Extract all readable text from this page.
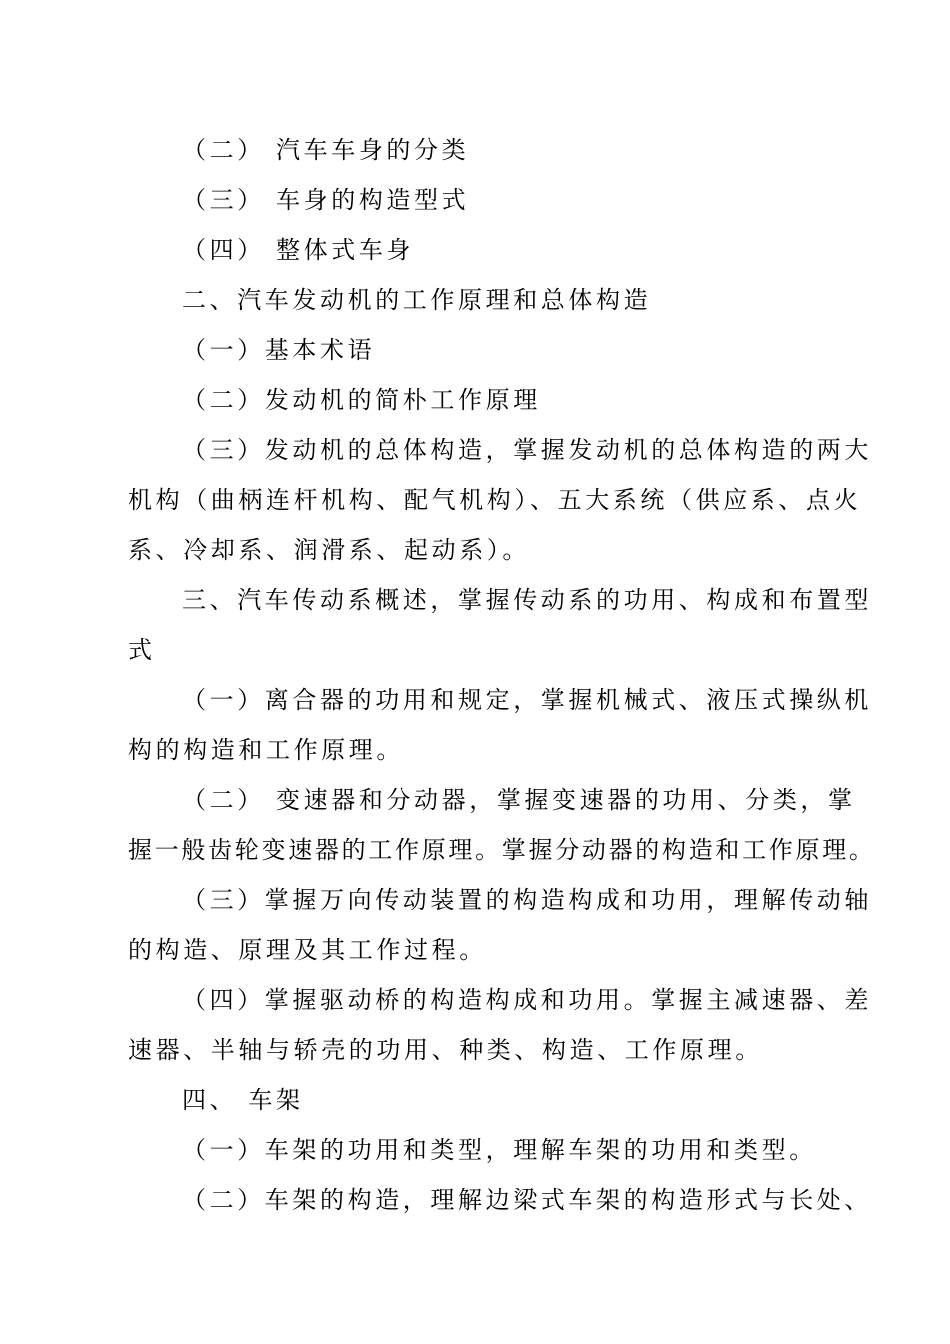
（二） 汽车车身的分类
（三） 车身的构造型式
（四） 整体式车身
二、汽车发动机的工作原理和总体构造
（一）基本术语
（二）发动机的简朴工作原理
（三）发动机的总体构造，掌握发动机的总体构造的两大
机构（曲柄连杆机构、配气机构）、五大系统（供应系、点火
系、冷却系、润滑系、起动系）。
三、汽车传动系概述，掌握传动系的功用、构成和布置型
式
（一）离合器的功用和规定，掌握机械式、液压式操纵机
构的构造和工作原理。
（二） 变速器和分动器，掌握变速器的功用、分类，掌
握一般齿轮变速器的工作原理。掌握分动器的构造和工作原理。
（三）掌握万向传动装置的构造构成和功用，理解传动轴
的构造、原理及其工作过程。
（四）掌握驱动桥的构造构成和功用。掌握主减速器、差
速器、半轴与轿壳的功用、种类、构造、工作原理。
四、 车架
（一）车架的功用和类型，理解车架的功用和类型。
（二）车架的构造，理解边梁式车架的构造形式与长处、
